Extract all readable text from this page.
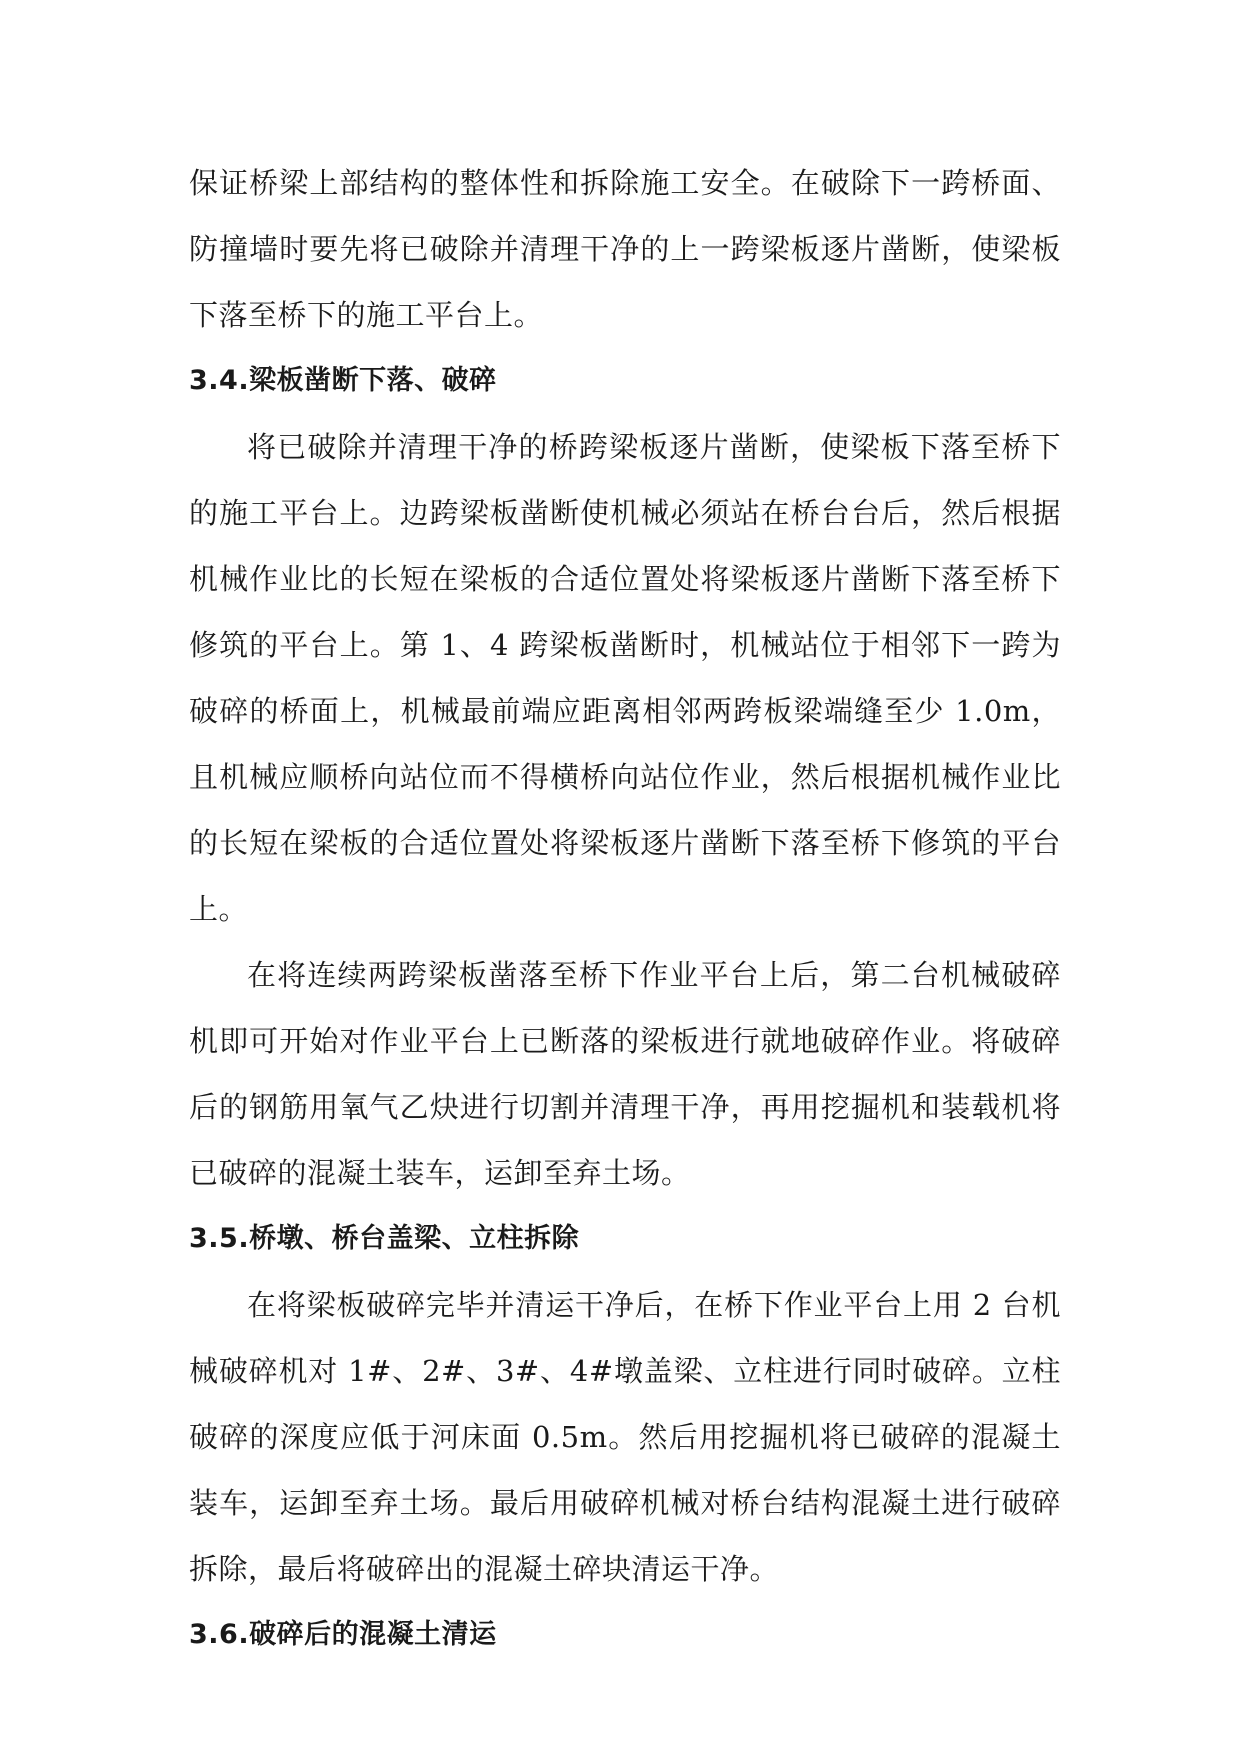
保证桥梁上部结构的整体性和拆除施工安全。在破除下一跨桥面、防撞墙时要先将已破除并清理干净的上一跨梁板逐片凿断，使梁板下落至桥下的施工平台上。

3.4.梁板凿断下落、破碎

将已破除并清理干净的桥跨梁板逐片凿断，使梁板下落至桥下的施工平台上。边跨梁板凿断使机械必须站在桥台台后，然后根据机械作业比的长短在梁板的合适位置处将梁板逐片凿断下落至桥下修筑的平台上。第 1、4 跨梁板凿断时，机械站位于相邻下一跨为破碎的桥面上，机械最前端应距离相邻两跨板梁端缝至少 1.0m，且机械应顺桥向站位而不得横桥向站位作业，然后根据机械作业比的长短在梁板的合适位置处将梁板逐片凿断下落至桥下修筑的平台上。

在将连续两跨梁板凿落至桥下作业平台上后，第二台机械破碎机即可开始对作业平台上已断落的梁板进行就地破碎作业。将破碎后的钢筋用氧气乙炔进行切割并清理干净，再用挖掘机和装载机将已破碎的混凝土装车，运卸至弃土场。

3.5.桥墩、桥台盖梁、立柱拆除

在将梁板破碎完毕并清运干净后，在桥下作业平台上用 2 台机械破碎机对 1#、2#、3#、4#墩盖梁、立柱进行同时破碎。立柱破碎的深度应低于河床面 0.5m。然后用挖掘机将已破碎的混凝土装车，运卸至弃土场。最后用破碎机械对桥台结构混凝土进行破碎拆除，最后将破碎出的混凝土碎块清运干净。

3.6.破碎后的混凝土清运
